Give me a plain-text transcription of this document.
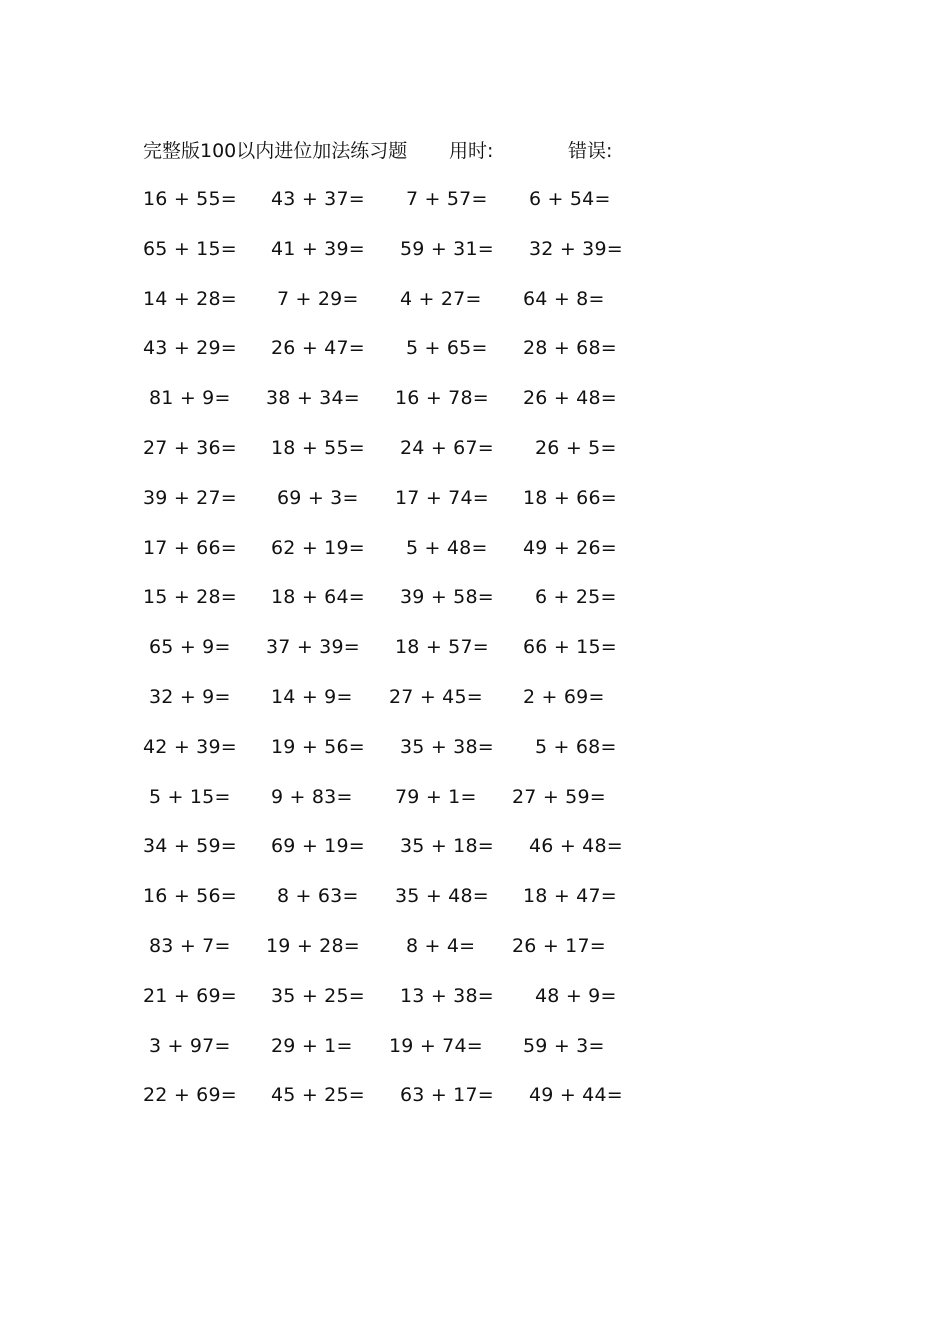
完整版100以内进位加法练习题 用时:	错误:
16 + 55= 43 + 37= 7 + 57= 6 + 54=
65 + 15= 41 + 39= 59 + 31= 32 + 39=
14 + 28= 7 + 29= 4 + 27= 64 + 8=
43 + 29= 26 + 47= 5 + 65= 28 + 68=
81 + 9= 38 + 34= 16 + 78= 26 + 48=
27 + 36= 18 + 55= 24 + 67= 26 + 5=
39 + 27= 69 + 3= 17 + 74= 18 + 66=
17 + 66= 62 + 19= 5 + 48= 49 + 26=
15 + 28= 18 + 64= 39 + 58= 6 + 25=
65 + 9= 37 + 39= 18 + 57= 66 + 15=
32 + 9= 14 + 9= 27 + 45= 2 + 69=
42 + 39= 19 + 56= 35 + 38= 5 + 68=
5 + 15= 9 + 83= 79 + 1= 27 + 59=
34 + 59= 69 + 19= 35 + 18= 46 + 48=
16 + 56= 8 + 63= 35 + 48= 18 + 47=
83 + 7= 19 + 28= 8 + 4= 26 + 17=
21 + 69= 35 + 25= 13 + 38= 48 + 9=
3 + 97= 29 + 1= 19 + 74= 59 + 3=
22 + 69= 45 + 25= 63 + 17= 49 + 44=
